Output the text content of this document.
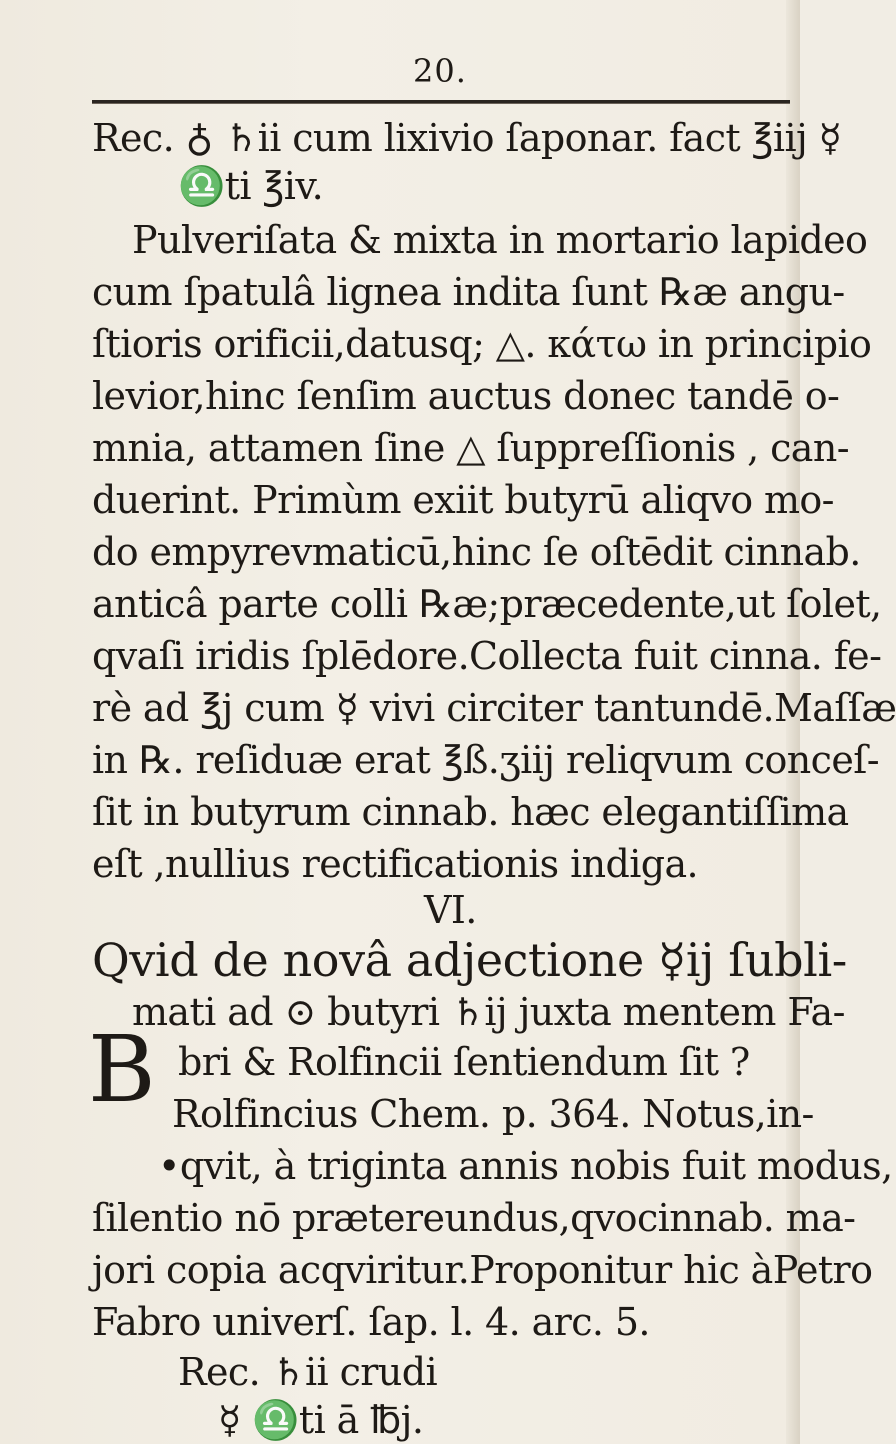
20.
B
Rec. ♁ ♄ii cum lixivio ſaponar. fact ℥iij ☿
♎ti ℥iv.
Pulveriſata & mixta in mortario lapideo
cum ſpatulâ lignea indita ſunt ℞æ angu-
ſtioris orificii,datusq; △. κάτω in principio
levior,hinc ſenſim auctus donec tandē o-
mnia, attamen ſine △ ſuppreſſionis , can-
duerint. Primùm exiit butyrū aliqvo mo-
do empyrevmaticū,hinc ſe oſtēdit cinnab.
anticâ parte colli ℞æ;præcedente,ut ſolet,
qvaſi iridis ſplēdore.Collecta fuit cinna. fe-
rè ad ℥j cum ☿ vivi circiter tantundē.Maſſæ
in ℞. reſiduæ erat ℥ß.ʒiij reliqvum conceſ-
ſit in butyrum cinnab. hæc elegantiſſima
eſt ,nullius rectificationis indiga.
VI.
Qvid de novâ adjectione ☿ij ſubli-
mati ad ⊙ butyri ♄ij juxta mentem Fa-
bri & Rolfincii ſentiendum ſit ?
Rolfincius Chem. p. 364. Notus,in-
•qvit, à triginta annis nobis fuit modus,
ſilentio nō prætereundus,qvocinnab. ma-
jori copia acqviritur.Proponitur hic àPetro
Fabro univerſ. ſap. l. 4. arc. 5.
Rec. ♄ii crudi
☿ ♎ti ā ℔j.
